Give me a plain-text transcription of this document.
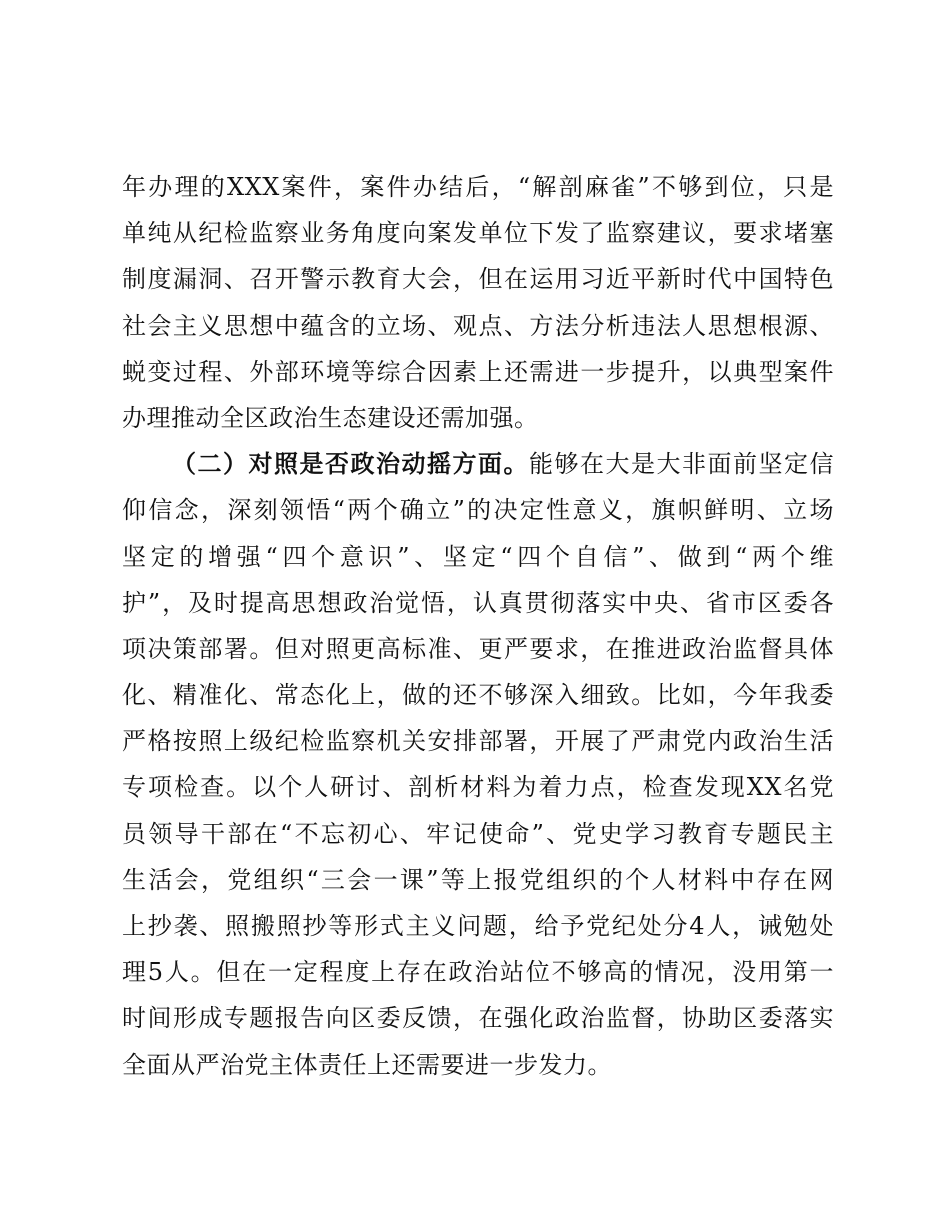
年办理的XXX案件，案件办结后，“解剖麻雀”不够到位，只是
单纯从纪检监察业务角度向案发单位下发了监察建议，要求堵塞
制度漏洞、召开警示教育大会，但在运用习近平新时代中国特色
社会主义思想中蕴含的立场、观点、方法分析违法人思想根源、
蜕变过程、外部环境等综合因素上还需进一步提升，以典型案件
办理推动全区政治生态建设还需加强。
（二）对照是否政治动摇方面。能够在大是大非面前坚定信
仰信念，深刻领悟“两个确立”的决定性意义，旗帜鲜明、立场
坚定的增强“四个意识”、坚定“四个自信”、做到“两个维
护”，及时提高思想政治觉悟，认真贯彻落实中央、省市区委各
项决策部署。但对照更高标准、更严要求，在推进政治监督具体
化、精准化、常态化上，做的还不够深入细致。比如，今年我委
严格按照上级纪检监察机关安排部署，开展了严肃党内政治生活
专项检查。以个人研讨、剖析材料为着力点，检查发现XX名党
员领导干部在“不忘初心、牢记使命”、党史学习教育专题民主
生活会，党组织“三会一课”等上报党组织的个人材料中存在网
上抄袭、照搬照抄等形式主义问题，给予党纪处分4人，诫勉处
理5人。但在一定程度上存在政治站位不够高的情况，没用第一
时间形成专题报告向区委反馈，在强化政治监督，协助区委落实
全面从严治党主体责任上还需要进一步发力。
